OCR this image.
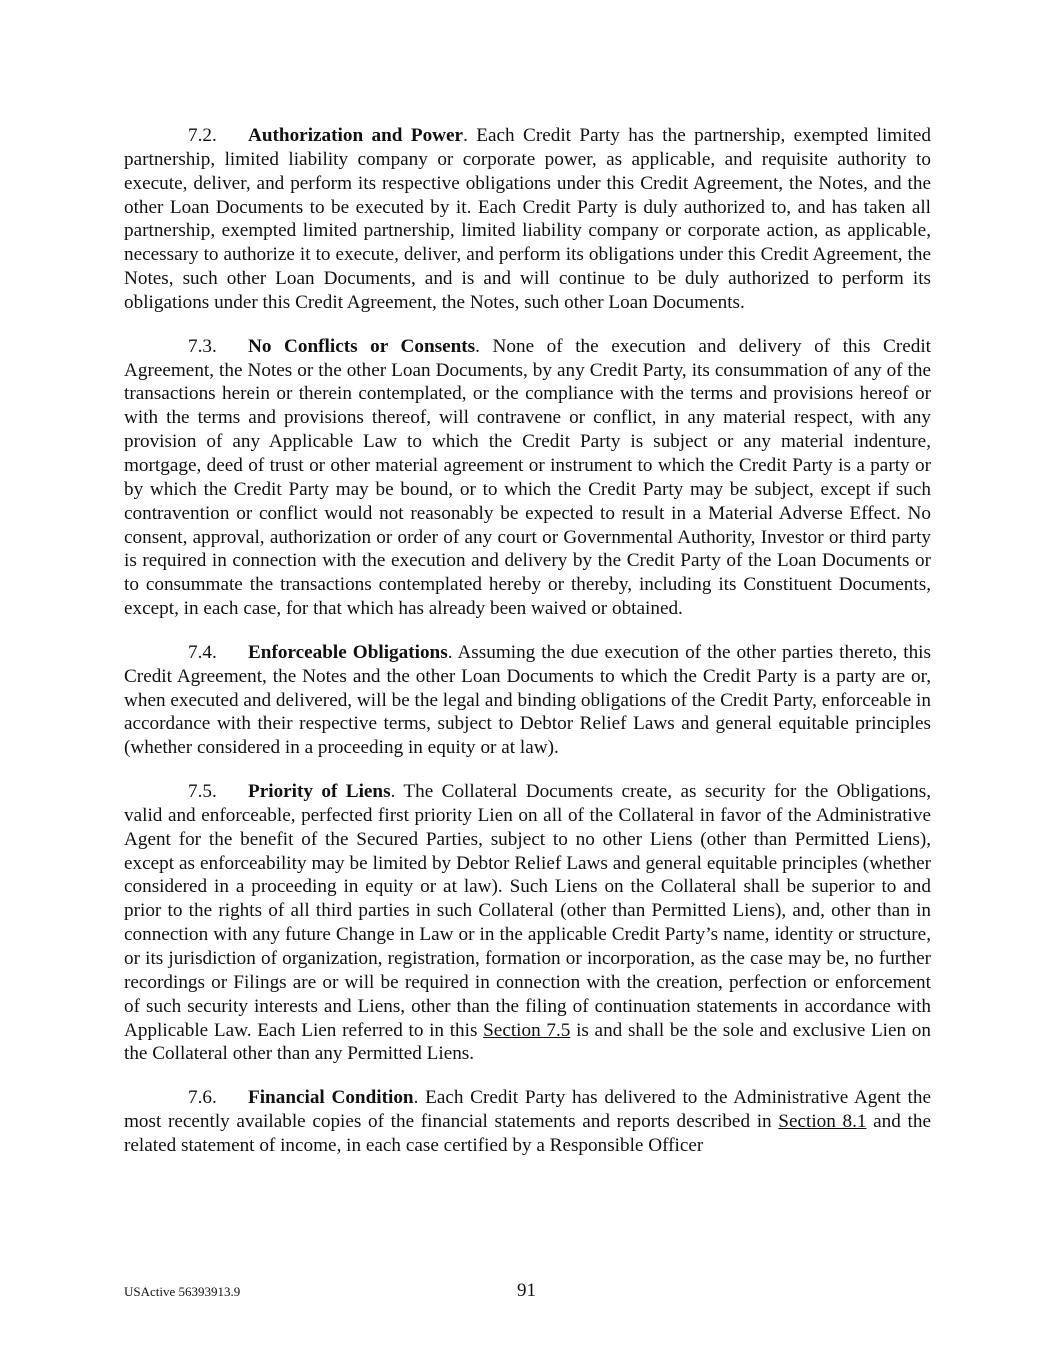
7.2. Authorization and Power. Each Credit Party has the partnership, exempted limited partnership, limited liability company or corporate power, as applicable, and requisite authority to execute, deliver, and perform its respective obligations under this Credit Agreement, the Notes, and the other Loan Documents to be executed by it. Each Credit Party is duly authorized to, and has taken all partnership, exempted limited partnership, limited liability company or corporate action, as applicable, necessary to authorize it to execute, deliver, and perform its obligations under this Credit Agreement, the Notes, such other Loan Documents, and is and will continue to be duly authorized to perform its obligations under this Credit Agreement, the Notes, such other Loan Documents.

7.3. No Conflicts or Consents. None of the execution and delivery of this Credit Agreement, the Notes or the other Loan Documents, by any Credit Party, its consummation of any of the transactions herein or therein contemplated, or the compliance with the terms and provisions hereof or with the terms and provisions thereof, will contravene or conflict, in any material respect, with any provision of any Applicable Law to which the Credit Party is subject or any material indenture, mortgage, deed of trust or other material agreement or instrument to which the Credit Party is a party or by which the Credit Party may be bound, or to which the Credit Party may be subject, except if such contravention or conflict would not reasonably be expected to result in a Material Adverse Effect. No consent, approval, authorization or order of any court or Governmental Authority, Investor or third party is required in connection with the execution and delivery by the Credit Party of the Loan Documents or to consummate the transactions contemplated hereby or thereby, including its Constituent Documents, except, in each case, for that which has already been waived or obtained.

7.4. Enforceable Obligations. Assuming the due execution of the other parties thereto, this Credit Agreement, the Notes and the other Loan Documents to which the Credit Party is a party are or, when executed and delivered, will be the legal and binding obligations of the Credit Party, enforceable in accordance with their respective terms, subject to Debtor Relief Laws and general equitable principles (whether considered in a proceeding in equity or at law).

7.5. Priority of Liens. The Collateral Documents create, as security for the Obligations, valid and enforceable, perfected first priority Lien on all of the Collateral in favor of the Administrative Agent for the benefit of the Secured Parties, subject to no other Liens (other than Permitted Liens), except as enforceability may be limited by Debtor Relief Laws and general equitable principles (whether considered in a proceeding in equity or at law). Such Liens on the Collateral shall be superior to and prior to the rights of all third parties in such Collateral (other than Permitted Liens), and, other than in connection with any future Change in Law or in the applicable Credit Party’s name, identity or structure, or its jurisdiction of organization, registration, formation or incorporation, as the case may be, no further recordings or Filings are or will be required in connection with the creation, perfection or enforcement of such security interests and Liens, other than the filing of continuation statements in accordance with Applicable Law. Each Lien referred to in this Section 7.5 is and shall be the sole and exclusive Lien on the Collateral other than any Permitted Liens.

7.6. Financial Condition. Each Credit Party has delivered to the Administrative Agent the most recently available copies of the financial statements and reports described in Section 8.1 and the related statement of income, in each case certified by a Responsible Officer

USActive 56393913.9	91
